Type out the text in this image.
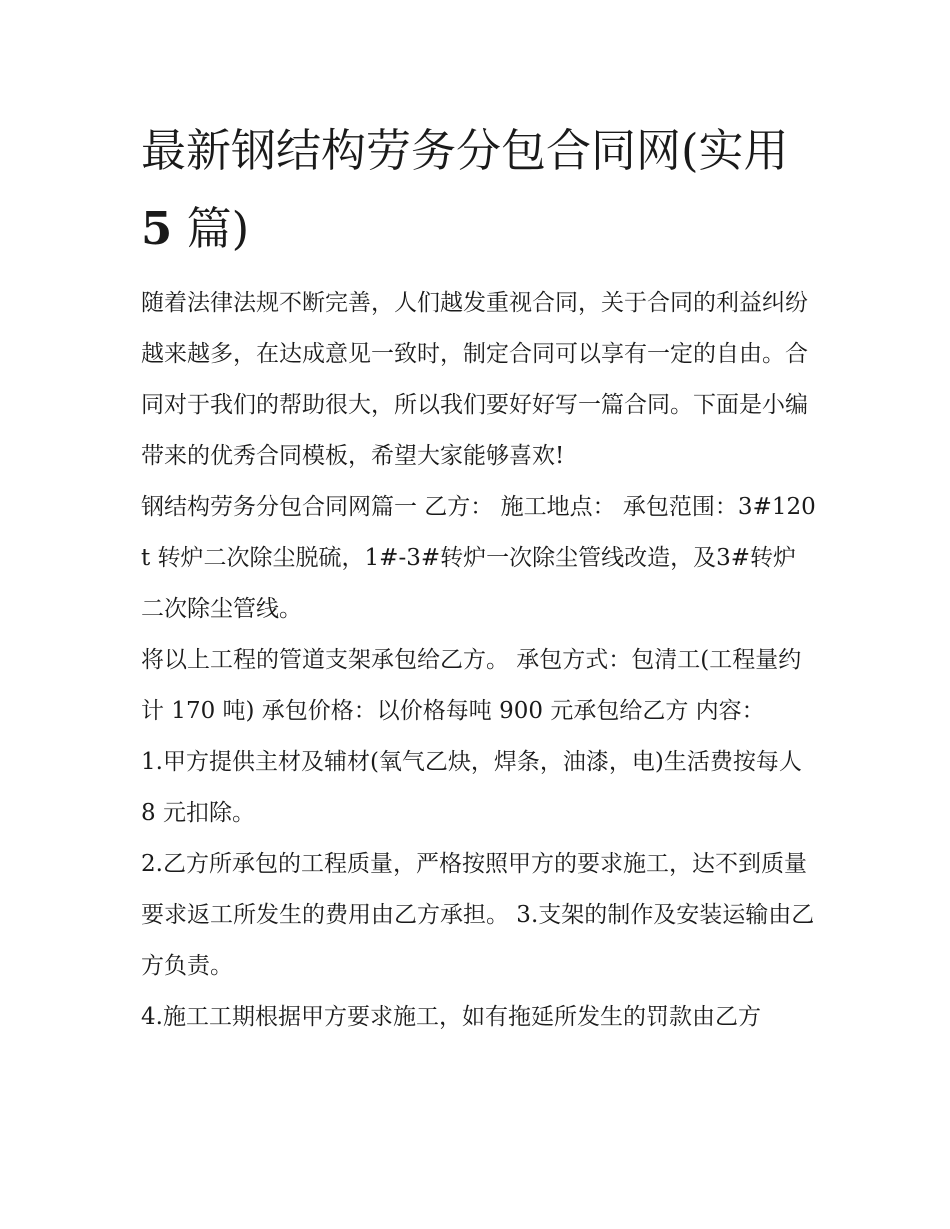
最新钢结构劳务分包合同网(实用 5 篇)

随着法律法规不断完善，人们越发重视合同，关于合同的利益纠纷越来越多，在达成意见一致时，制定合同可以享有一定的自由。合同对于我们的帮助很大，所以我们要好好写一篇合同。下面是小编带来的优秀合同模板，希望大家能够喜欢!

钢结构劳务分包合同网篇一 乙方： 施工地点： 承包范围：3#120t 转炉二次除尘脱硫，1#-3#转炉一次除尘管线改造，及3#转炉二次除尘管线。

将以上工程的管道支架承包给乙方。 承包方式：包清工(工程量约计 170 吨) 承包价格：以价格每吨 900 元承包给乙方 内容：

1.甲方提供主材及辅材(氧气乙炔，焊条，油漆，电)生活费按每人 8 元扣除。

2.乙方所承包的工程质量，严格按照甲方的要求施工，达不到质量要求返工所发生的费用由乙方承担。 3.支架的制作及安装运输由乙方负责。

4.施工工期根据甲方要求施工，如有拖延所发生的罚款由乙方
